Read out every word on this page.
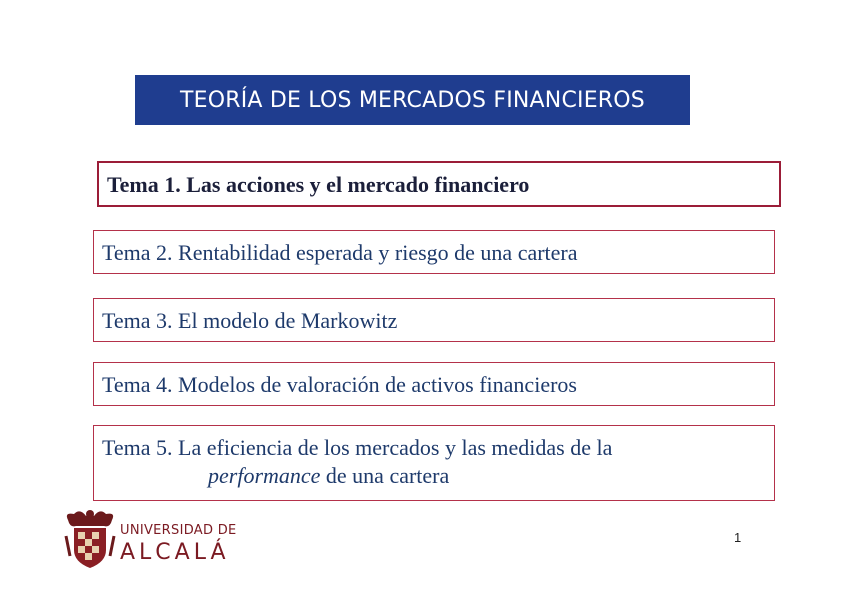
TEORÍA DE LOS MERCADOS FINANCIEROS
Tema 1. Las acciones y el mercado financiero
Tema 2. Rentabilidad esperada y riesgo de una cartera
Tema 3. El modelo de Markowitz
Tema 4. Modelos de valoración de activos financieros
Tema 5. La eficiencia de los mercados y las medidas de la
performance de una cartera
UNIVERSIDAD DE
ALCALÁ
1
